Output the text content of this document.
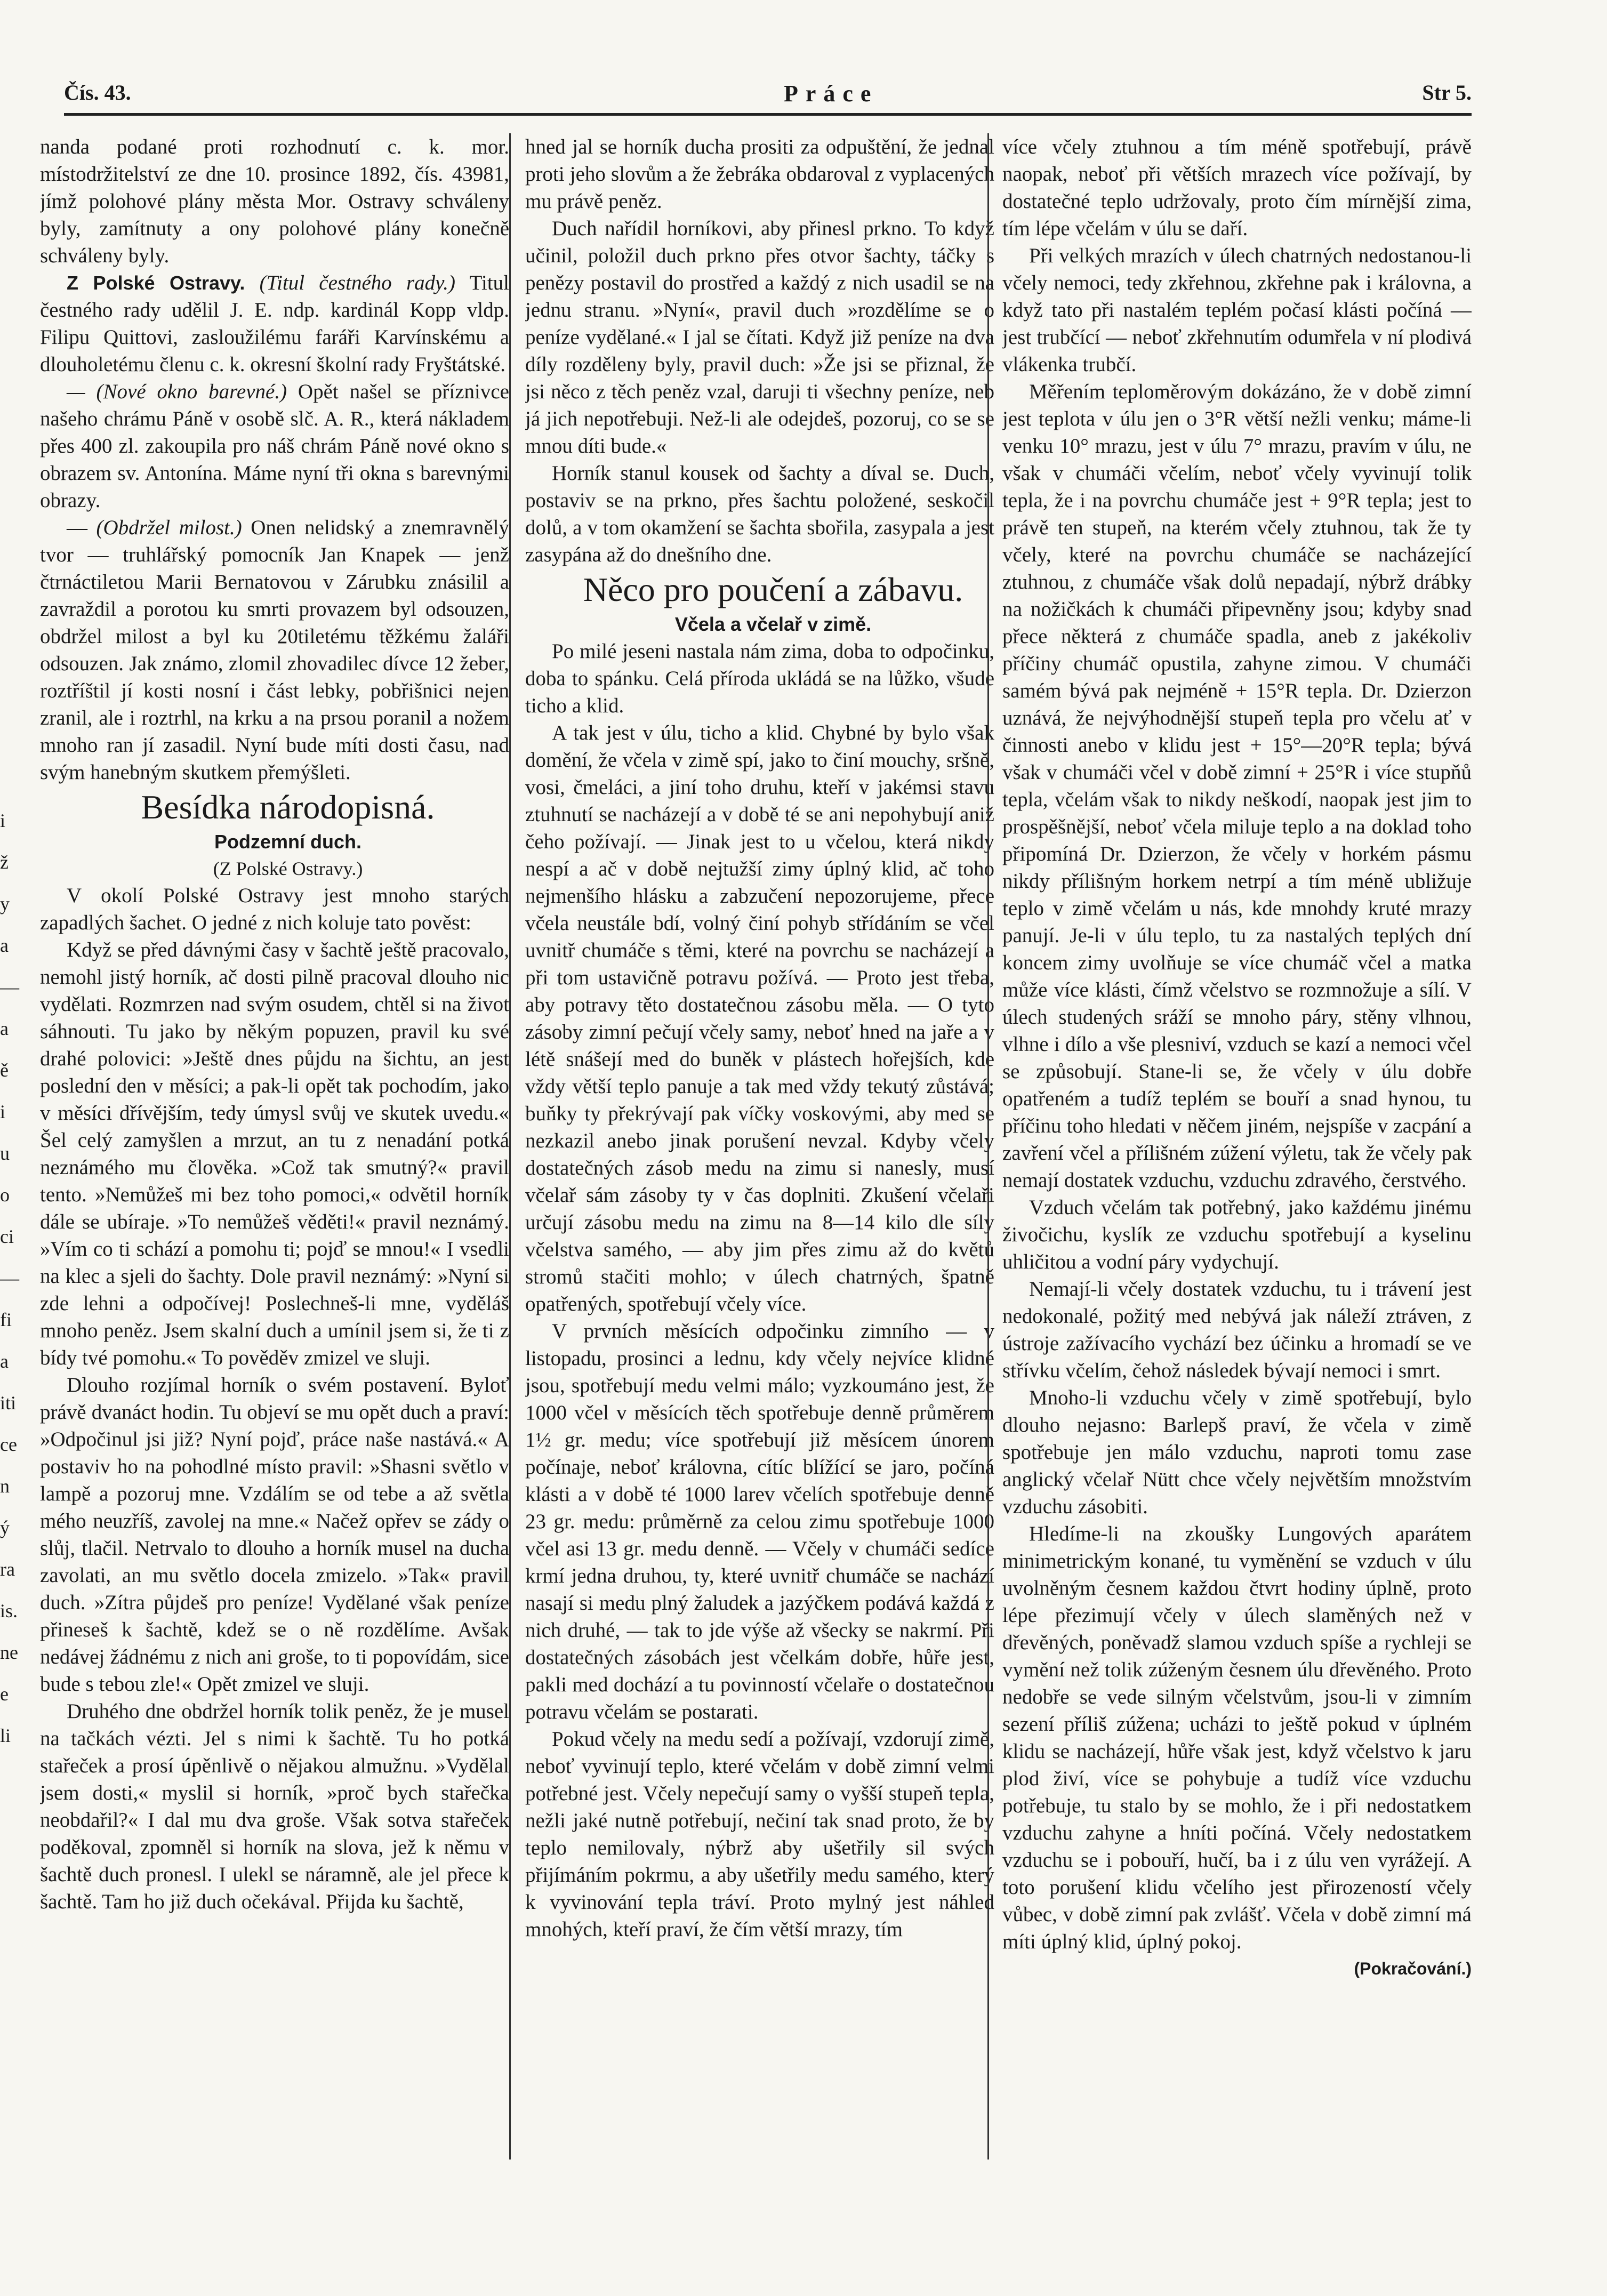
Čís. 43.	Práce	Str 5.
i
ž
y
a
—
a
ě
i
u
o
ci
—
fi
a
iti
ce
n
ý
ra
is.
ne
e
li

nanda podané proti rozhodnutí c. k. mor. místodržitelství ze dne 10. prosince 1892, čís. 43981, jímž polohové plány města Mor. Ostravy schváleny byly, zamítnuty a ony polohové plány konečně schváleny byly.

Z Polské Ostravy. (Titul čestného rady.) Titul čestného rady udělil J. E. ndp. kardinál Kopp vldp. Filipu Quittovi, zasloužilému faráři Karvínskému a dlouholetému členu c. k. okresní školní rady Fryštátské.

— (Nové okno barevné.) Opět našel se příznivce našeho chrámu Páně v osobě slč. A. R., která nákladem přes 400 zl. zakoupila pro náš chrám Páně nové okno s obrazem sv. Antonína. Máme nyní tři okna s barevnými obrazy.

— (Obdržel milost.) Onen nelidský a znemravnělý tvor — truhlářský pomocník Jan Knapek — jenž čtrnáctiletou Marii Bernatovou v Zárubku znásilil a zavraždil a porotou ku smrti provazem byl odsouzen, obdržel milost a byl ku 20tiletému těžkému žaláři odsouzen. Jak známo, zlomil zhovadilec dívce 12 žeber, roztříštil jí kosti nosní i část lebky, pobřišnici nejen zranil, ale i roztrhl, na krku a na prsou poranil a nožem mnoho ran jí zasadil. Nyní bude míti dosti času, nad svým hanebným skutkem přemýšleti.

Besídka národopisná.

Podzemní duch.

(Z Polské Ostravy.)

V okolí Polské Ostravy jest mnoho starých zapadlých šachet. O jedné z nich koluje tato pověst:

Když se před dávnými časy v šachtě ještě pracovalo, nemohl jistý horník, ač dosti pilně pracoval dlouho nic vydělati. Rozmrzen nad svým osudem, chtěl si na život sáhnouti. Tu jako by někým popuzen, pravil ku své drahé polovici: »Ještě dnes půjdu na šichtu, an jest poslední den v měsíci; a pak-li opět tak pochodím, jako v měsíci dřívějším, tedy úmysl svůj ve skutek uvedu.« Šel celý zamyšlen a mrzut, an tu z nenadání potká neznámého mu člověka. »Což tak smutný?« pravil tento. »Nemůžeš mi bez toho pomoci,« odvětil horník dále se ubíraje. »To nemůžeš věděti!« pravil neznámý. »Vím co ti schází a pomohu ti; pojď se mnou!« I vsedli na klec a sjeli do šachty. Dole pravil neznámý: »Nyní si zde lehni a odpočívej! Poslechneš-li mne, vyděláš mnoho peněz. Jsem skalní duch a umínil jsem si, že ti z bídy tvé pomohu.« To pověděv zmizel ve sluji.

Dlouho rozjímal horník o svém postavení. Byloť právě dvanáct hodin. Tu objeví se mu opět duch a praví: »Odpočinul jsi již? Nyní pojď, práce naše nastává.« A postaviv ho na pohodlné místo pravil: »Shasni světlo v lampě a pozoruj mne. Vzdálím se od tebe a až světla mého neuzříš, zavolej na mne.« Načež opřev se zády o slůj, tlačil. Netrvalo to dlouho a horník musel na ducha zavolati, an mu světlo docela zmizelo. »Tak« pravil duch. »Zítra půjdeš pro peníze! Vydělané však peníze přineseš k šachtě, kdež se o ně rozdělíme. Avšak nedávej žádnému z nich ani groše, to ti popovídám, sice bude s tebou zle!« Opět zmizel ve sluji.

Druhého dne obdržel horník tolik peněz, že je musel na tačkách vézti. Jel s nimi k šachtě. Tu ho potká stařeček a prosí úpěnlivě o nějakou almužnu. »Vydělal jsem dosti,« myslil si horník, »proč bych stařečka neobdařil?« I dal mu dva groše. Však sotva stařeček poděkoval, zpomněl si horník na slova, jež k němu v šachtě duch pronesl. I ulekl se náramně, ale jel přece k šachtě. Tam ho již duch očekával. Přijda ku šachtě,

hned jal se horník ducha prositi za odpuštění, že jednal proti jeho slovům a že žebráka obdaroval z vyplacených mu právě peněz.

Duch nařídil horníkovi, aby přinesl prkno. To když učinil, položil duch prkno přes otvor šachty, táčky s penězy postavil do prostřed a každý z nich usadil se na jednu stranu. »Nyní«, pravil duch »rozdělíme se o peníze vydělané.« I jal se čítati. Když již peníze na dva díly rozděleny byly, pravil duch: »Že jsi se přiznal, že jsi něco z těch peněz vzal, daruji ti všechny peníze, neb já jich nepotřebuji. Než-li ale odejdeš, pozoruj, co se se mnou díti bude.«

Horník stanul kousek od šachty a díval se. Duch, postaviv se na prkno, přes šachtu položené, seskočil dolů, a v tom okamžení se šachta sbořila, zasypala a jest zasypána až do dnešního dne.

Něco pro poučení a zábavu.

Včela a včelař v zimě.

Po milé jeseni nastala nám zima, doba to odpočinku, doba to spánku. Celá příroda ukládá se na lůžko, všude ticho a klid.

A tak jest v úlu, ticho a klid. Chybné by bylo však domění, že včela v zimě spí, jako to činí mouchy, sršně, vosi, čmeláci, a jiní toho druhu, kteří v jakémsi stavu ztuhnutí se nacházejí a v době té se ani nepohybují aniž čeho požívají. — Jinak jest to u včelou, která nikdy nespí a ač v době nejtužší zimy úplný klid, ač toho nejmenšího hlásku a zabzučení nepozorujeme, přece včela neustále bdí, volný činí pohyb střídáním se včel uvnitř chumáče s těmi, které na povrchu se nacházejí a při tom ustavičně potravu požívá. — Proto jest třeba, aby potravy těto dostatečnou zásobu měla. — O tyto zásoby zimní pečují včely samy, neboť hned na jaře a v létě snášejí med do buněk v plástech hořejších, kde vždy větší teplo panuje a tak med vždy tekutý zůstává; buňky ty překrývají pak víčky voskovými, aby med se nezkazil anebo jinak porušení nevzal. Kdyby včely dostatečných zásob medu na zimu si nanesly, musí včelař sám zásoby ty v čas doplniti. Zkušení včelaři určují zásobu medu na zimu na 8—14 kilo dle síly včelstva samého, — aby jim přes zimu až do květů stromů stačiti mohlo; v úlech chatrných, špatně opatřených, spotřebují včely více.

V prvních měsících odpočinku zimního — v listopadu, prosinci a lednu, kdy včely nejvíce klidné jsou, spotřebují medu velmi málo; vyzkoumáno jest, že 1000 včel v měsících těch spotřebuje denně průměrem 1½ gr. medu; více spotřebují již měsícem únorem počínaje, neboť královna, cítíc blížící se jaro, počíná klásti a v době té 1000 larev včelích spotřebuje denně 23 gr. medu: průměrně za celou zimu spotřebuje 1000 včel asi 13 gr. medu denně. — Včely v chumáči sedíce krmí jedna druhou, ty, které uvnitř chumáče se nachází nasají si medu plný žaludek a jazýčkem podává každá z nich druhé, — tak to jde výše až všecky se nakrmí. Při dostatečných zásobách jest včelkám dobře, hůře jest, pakli med dochází a tu povinností včelaře o dostatečnou potravu včelám se postarati.

Pokud včely na medu sedí a požívají, vzdorují zimě, neboť vyvinují teplo, které včelám v době zimní velmi potřebné jest. Včely nepečují samy o vyšší stupeň tepla, nežli jaké nutně potřebují, nečiní tak snad proto, že by teplo nemilovaly, nýbrž aby ušetřily sil svých přijímáním pokrmu, a aby ušetřily medu samého, který k vyvinování tepla tráví. Proto mylný jest náhled mnohých, kteří praví, že čím větší mrazy, tím

více včely ztuhnou a tím méně spotřebují, právě naopak, neboť při větších mrazech více požívají, by dostatečné teplo udržovaly, proto čím mírnější zima, tím lépe včelám v úlu se daří.

Při velkých mrazích v úlech chatrných nedostanou-li včely nemoci, tedy zkřehnou, zkřehne pak i královna, a když tato při nastalém teplém počasí klásti počíná — jest trubčící — neboť zkřehnutím odumřela v ní plodivá vlákenka trubčí.

Měřením teploměrovým dokázáno, že v době zimní jest teplota v úlu jen o 3°R větší nežli venku; máme-li venku 10° mrazu, jest v úlu 7° mrazu, pravím v úlu, ne však v chumáči včelím, neboť včely vyvinují tolik tepla, že i na povrchu chumáče jest + 9°R tepla; jest to právě ten stupeň, na kterém včely ztuhnou, tak že ty včely, které na povrchu chumáče se nacházející ztuhnou, z chumáče však dolů nepadají, nýbrž drábky na nožičkách k chumáči připevněny jsou; kdyby snad přece některá z chumáče spadla, aneb z jakékoliv příčiny chumáč opustila, zahyne zimou. V chumáči samém bývá pak nejméně + 15°R tepla. Dr. Dzierzon uznává, že nejvýhodnější stupeň tepla pro včelu ať v činnosti anebo v klidu jest + 15°—20°R tepla; bývá však v chumáči včel v době zimní + 25°R i více stupňů tepla, včelám však to nikdy neškodí, naopak jest jim to prospěšnější, neboť včela miluje teplo a na doklad toho připomíná Dr. Dzierzon, že včely v horkém pásmu nikdy přílišným horkem netrpí a tím méně ubližuje teplo v zimě včelám u nás, kde mnohdy kruté mrazy panují. Je-li v úlu teplo, tu za nastalých teplých dní koncem zimy uvolňuje se více chumáč včel a matka může více klásti, čímž včelstvo se rozmnožuje a sílí. V úlech studených sráží se mnoho páry, stěny vlhnou, vlhne i dílo a vše plesniví, vzduch se kazí a nemoci včel se způsobují. Stane-li se, že včely v úlu dobře opatřeném a tudíž teplém se bouří a snad hynou, tu příčinu toho hledati v něčem jiném, nejspíše v zacpání a zavření včel a přílišném zúžení výletu, tak že včely pak nemají dostatek vzduchu, vzduchu zdravého, čerstvého.

Vzduch včelám tak potřebný, jako každému jinému živočichu, kyslík ze vzduchu spotřebují a kyselinu uhličitou a vodní páry vydychují.

Nemají-li včely dostatek vzduchu, tu i trávení jest nedokonalé, požitý med nebývá jak náleží ztráven, z ústroje zažívacího vychází bez účinku a hromadí se ve střívku včelím, čehož následek bývají nemoci i smrt.

Mnoho-li vzduchu včely v zimě spotřebují, bylo dlouho nejasno: Barlepš praví, že včela v zimě spotřebuje jen málo vzduchu, naproti tomu zase anglický včelař Nütt chce včely největším množstvím vzduchu zásobiti.

Hledíme-li na zkoušky Lungových aparátem minimetrickým konané, tu vyměnění se vzduch v úlu uvolněným česnem každou čtvrt hodiny úplně, proto lépe přezimují včely v úlech slaměných než v dřevěných, poněvadž slamou vzduch spíše a rychleji se vymění než tolik zúženým česnem úlu dřevěného. Proto nedobře se vede silným včelstvům, jsou-li v zimním sezení příliš zúžena; ucházi to ještě pokud v úplném klidu se nacházejí, hůře však jest, když včelstvo k jaru plod živí, více se pohybuje a tudíž více vzduchu potřebuje, tu stalo by se mohlo, že i při nedostatkem vzduchu zahyne a hníti počíná. Včely nedostatkem vzduchu se i pobouří, hučí, ba i z úlu ven vyrážejí. A toto porušení klidu včelího jest přirozeností včely vůbec, v době zimní pak zvlášť. Včela v době zimní má míti úplný klid, úplný pokoj.

(Pokračování.)
